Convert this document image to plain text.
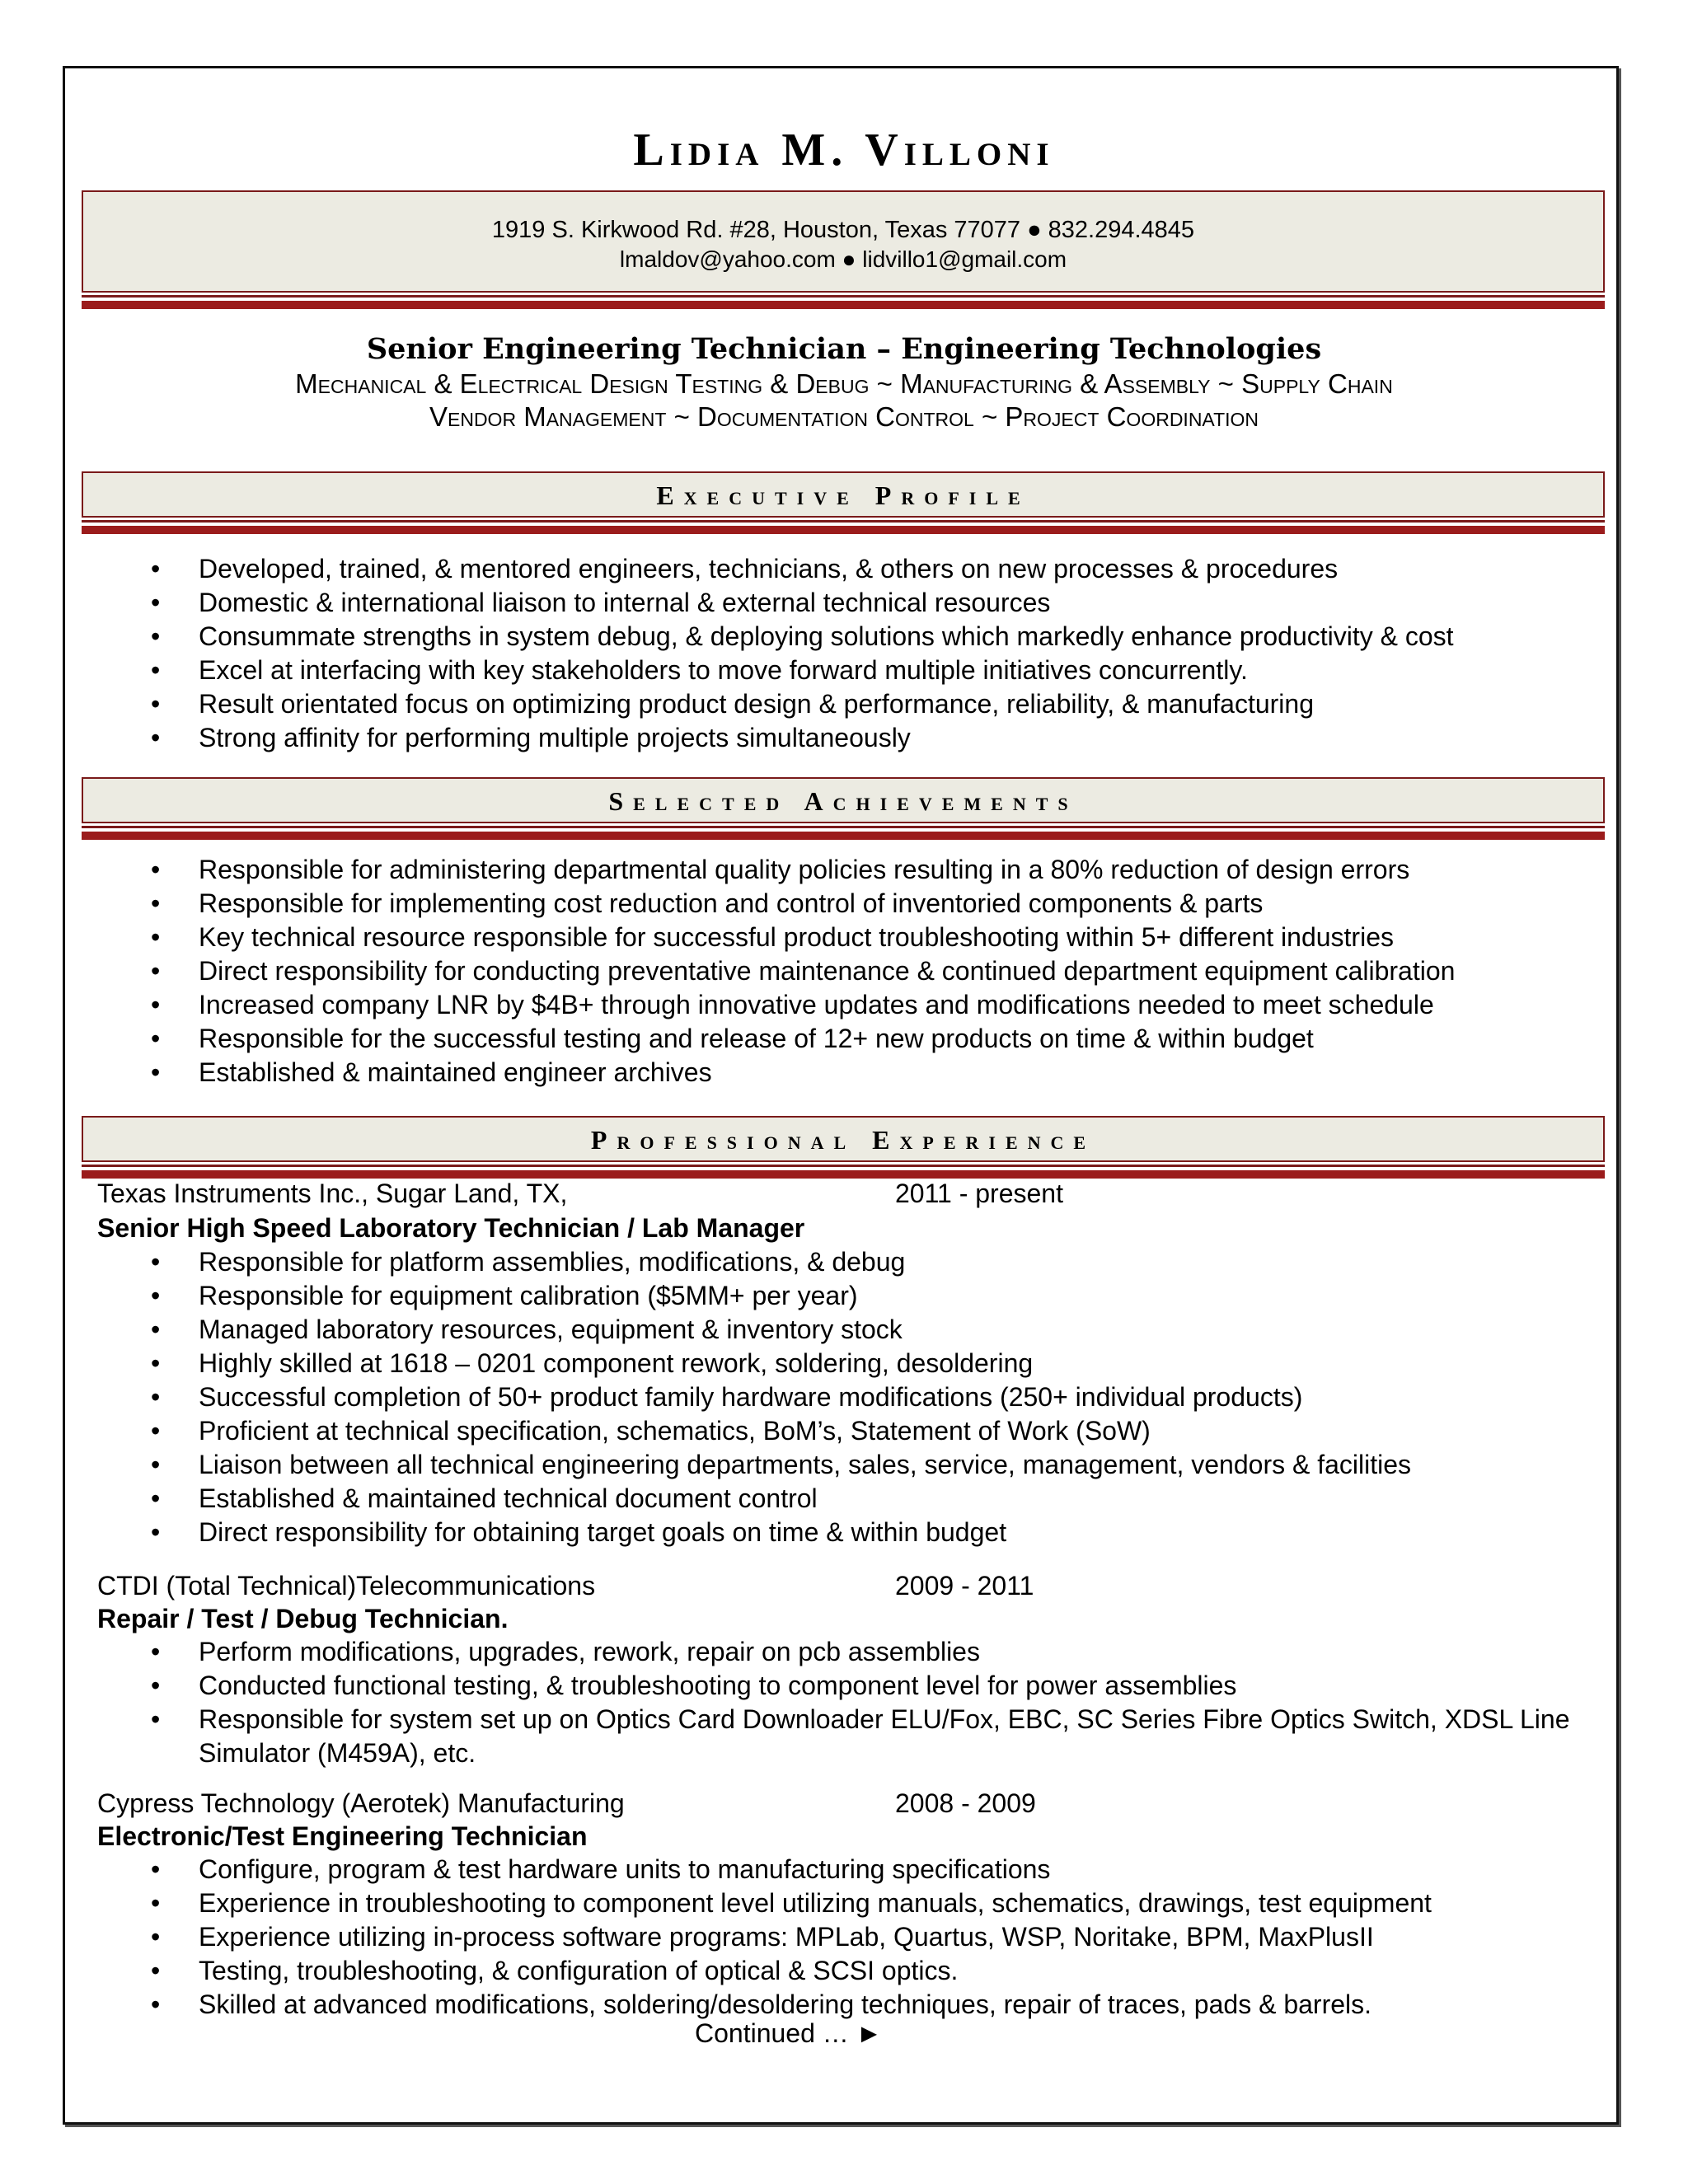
Lidia M. Villoni
1919 S. Kirkwood Rd. #28, Houston, Texas 77077 ● 832.294.4845
lmaldov@yahoo.com ● lidvillo1@gmail.com
Senior Engineering Technician – Engineering Technologies
Mechanical & Electrical Design Testing & Debug ~ Manufacturing & Assembly ~ Supply Chain
Vendor Management ~ Documentation Control ~ Project Coordination
Executive Profile
• Developed, trained, & mentored engineers, technicians, & others on new processes & procedures
• Domestic & international liaison to internal & external technical resources
• Consummate strengths in system debug, & deploying solutions which markedly enhance productivity & cost
• Excel at interfacing with key stakeholders to move forward multiple initiatives concurrently.
• Result orientated focus on optimizing product design & performance, reliability, & manufacturing
• Strong affinity for performing multiple projects simultaneously
Selected Achievements
• Responsible for administering departmental quality policies resulting in a 80% reduction of design errors
• Responsible for implementing cost reduction and control of inventoried components & parts
• Key technical resource responsible for successful product troubleshooting within 5+ different industries
• Direct responsibility for conducting preventative maintenance & continued department equipment calibration
• Increased company LNR by $4B+ through innovative updates and modifications needed to meet schedule
• Responsible for the successful testing and release of 12+ new products on time & within budget
• Established & maintained engineer archives
Professional Experience
Texas Instruments Inc., Sugar Land, TX,	2011 - present
Senior High Speed Laboratory Technician / Lab Manager
• Responsible for platform assemblies, modifications, & debug
• Responsible for equipment calibration ($5MM+ per year)
• Managed laboratory resources, equipment & inventory stock
• Highly skilled at 1618 – 0201 component rework, soldering, desoldering
• Successful completion of 50+ product family hardware modifications (250+ individual products)
• Proficient at technical specification, schematics, BoM’s, Statement of Work (SoW)
• Liaison between all technical engineering departments, sales, service, management, vendors & facilities
• Established & maintained technical document control
• Direct responsibility for obtaining target goals on time & within budget
CTDI (Total Technical)Telecommunications	2009 - 2011
Repair / Test / Debug Technician.
• Perform modifications, upgrades, rework, repair on pcb assemblies
• Conducted functional testing, & troubleshooting to component level for power assemblies
• Responsible for system set up on Optics Card Downloader ELU/Fox, EBC, SC Series Fibre Optics Switch, XDSL Line Simulator (M459A), etc.
Cypress Technology (Aerotek) Manufacturing	2008 - 2009
Electronic/Test Engineering Technician
• Configure, program & test hardware units to manufacturing specifications
• Experience in troubleshooting to component level utilizing manuals, schematics, drawings, test equipment
• Experience utilizing in-process software programs: MPLab, Quartus, WSP, Noritake, BPM, MaxPlusII
• Testing, troubleshooting, & configuration of optical & SCSI optics.
• Skilled at advanced modifications, soldering/desoldering techniques, repair of traces, pads & barrels.
Continued … ►
